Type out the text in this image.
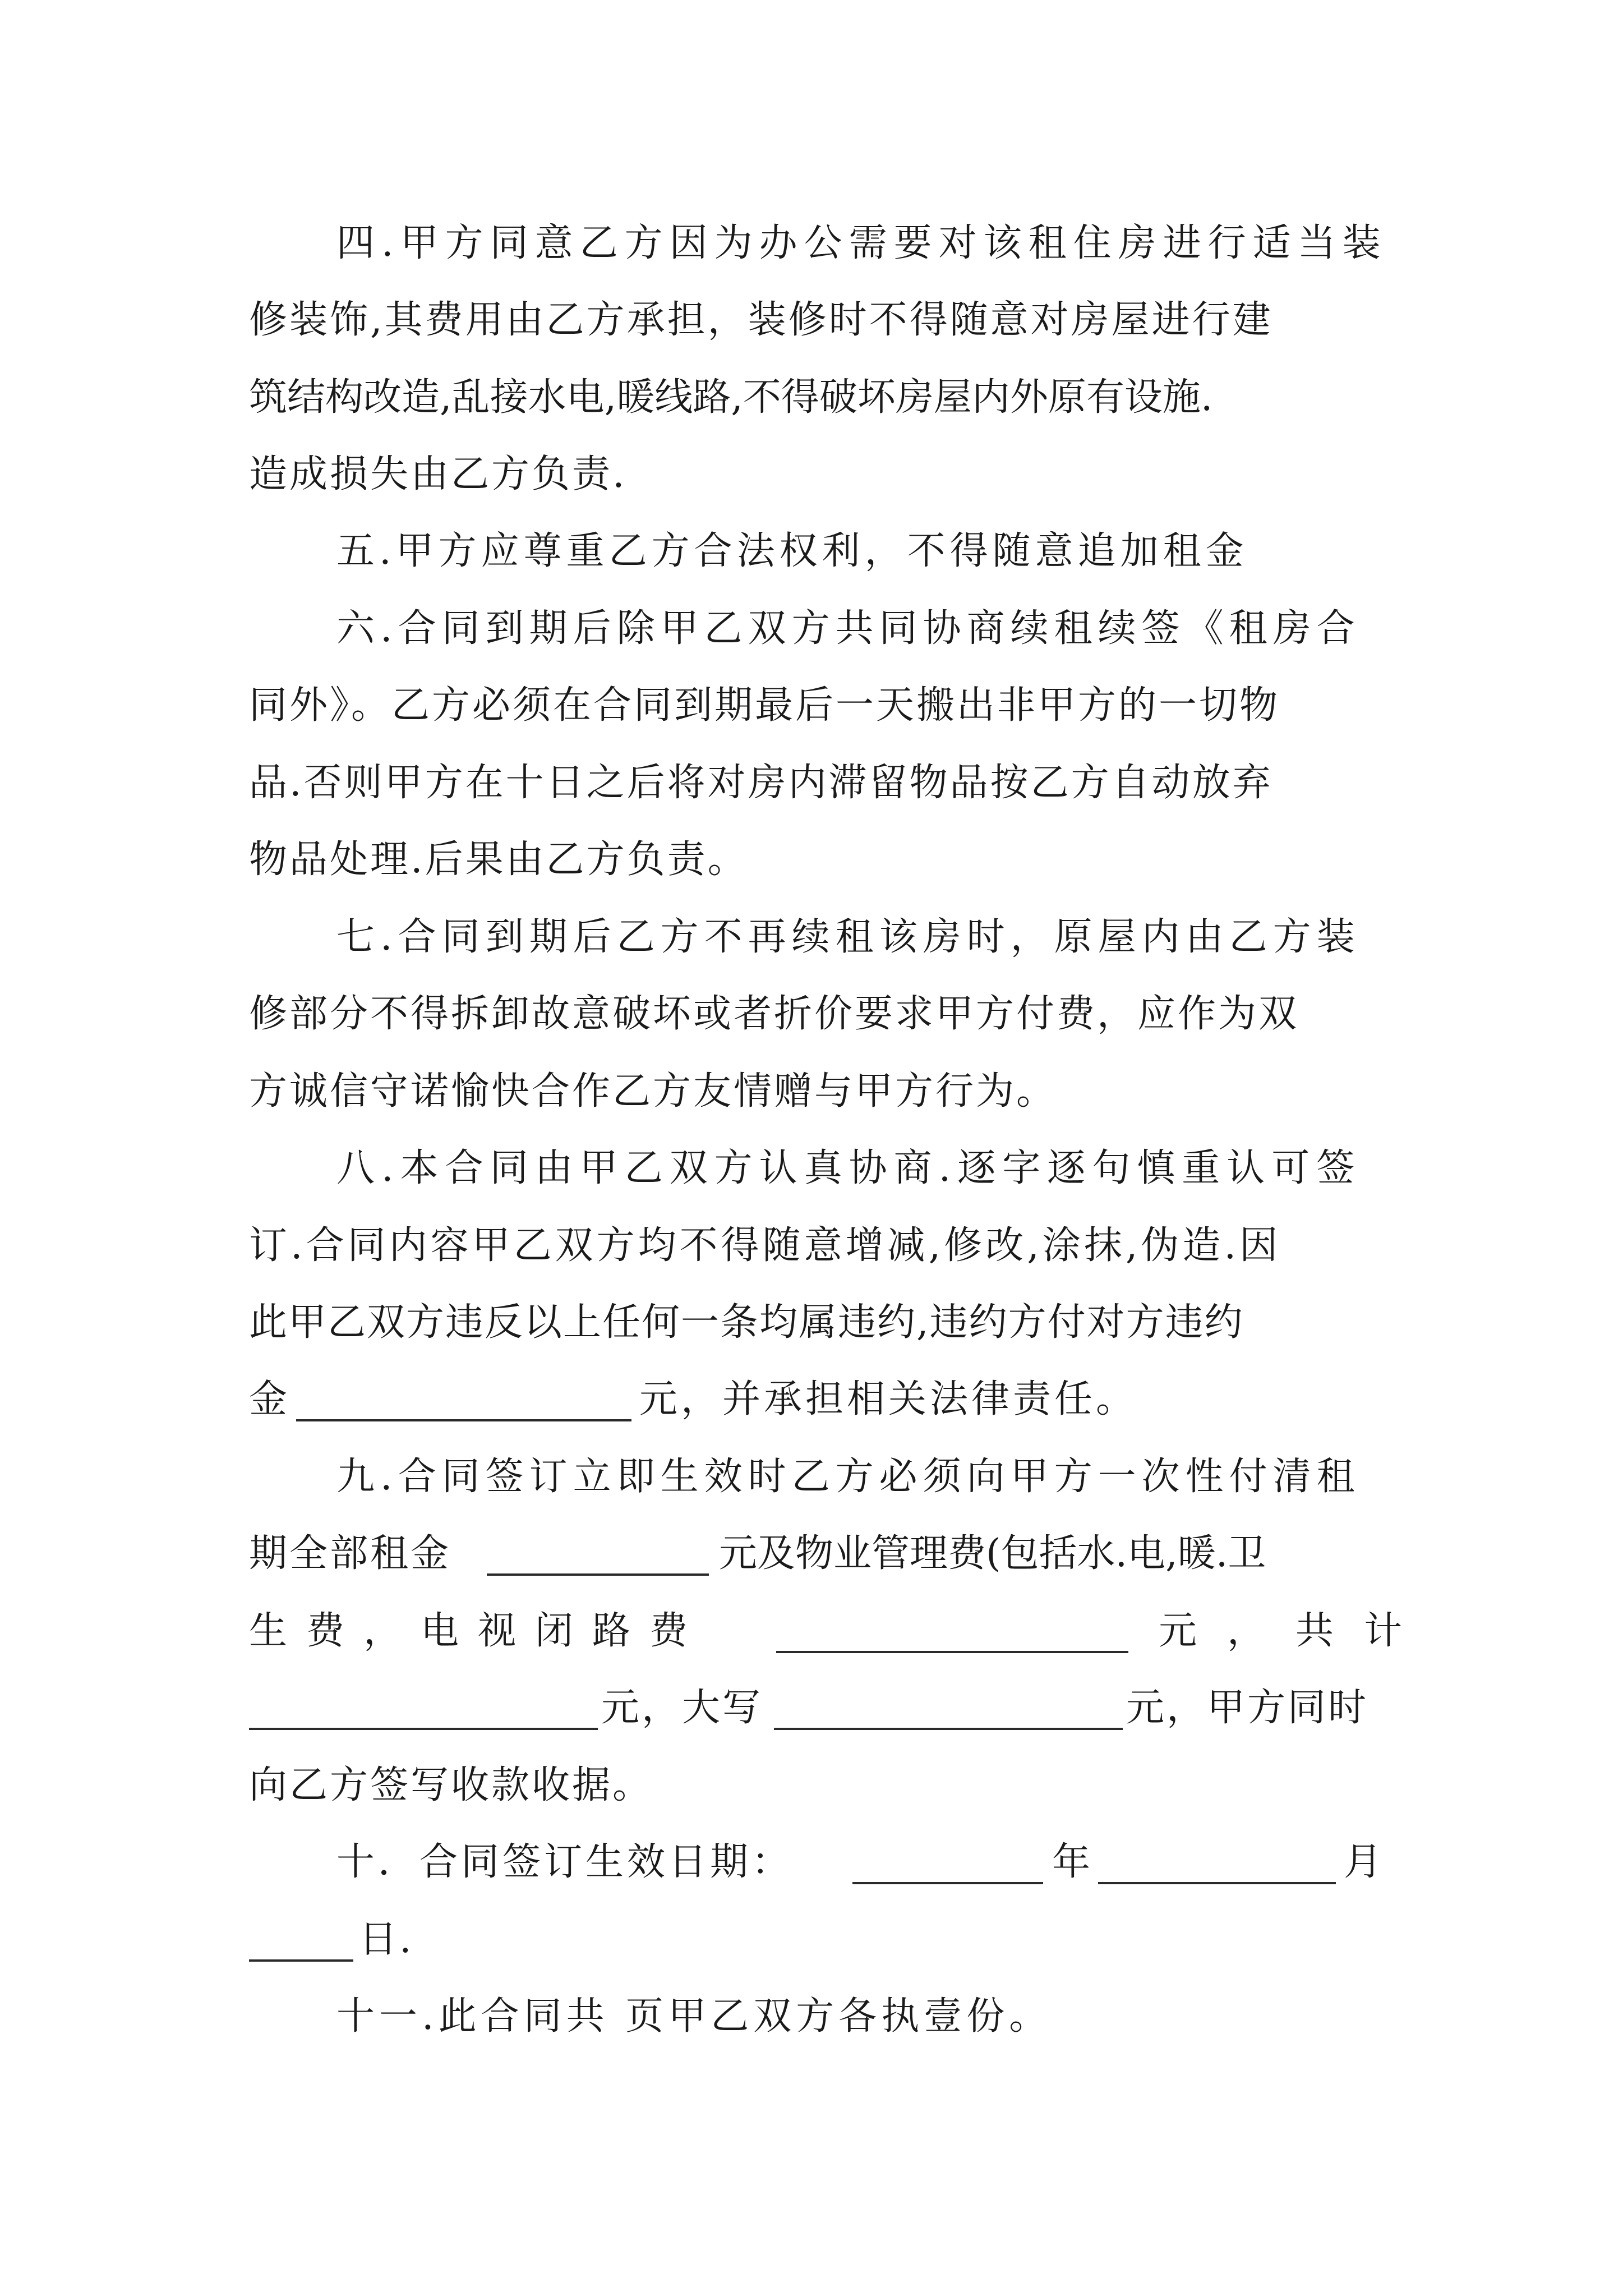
四.甲方同意乙方因为办公需要对该租住房进行适当装
修装饰,其费用由乙方承担，装修时不得随意对房屋进行建
筑结构改造,乱接水电,暖线路,不得破坏房屋内外原有设施.
造成损失由乙方负责.
五.甲方应尊重乙方合法权利，不得随意追加租金
六.合同到期后除甲乙双方共同协商续租续签《租房合
同外》。乙方必须在合同到期最后一天搬出非甲方的一切物
品.否则甲方在十日之后将对房内滞留物品按乙方自动放弃
物品处理.后果由乙方负责。
七.合同到期后乙方不再续租该房时，原屋内由乙方装
修部分不得拆卸故意破坏或者折价要求甲方付费，应作为双
方诚信守诺愉快合作乙方友情赠与甲方行为。
八.本合同由甲乙双方认真协商.逐字逐句慎重认可签
订.合同内容甲乙双方均不得随意增减,修改,涂抹,伪造.因
此甲乙双方违反以上任何一条均属违约,违约方付对方违约
金	元，并承担相关法律责任。
九.合同签订立即生效时乙方必须向甲方一次性付清租
期全部租金	元及物业管理费(包括水.电,暖.卫
生费，电视闭路费	元，共计
元，大写	元，甲方同时
向乙方签写收款收据。
十．合同签订生效日期：	年	月
日.
十一.此合同共 页甲乙双方各执壹份。
